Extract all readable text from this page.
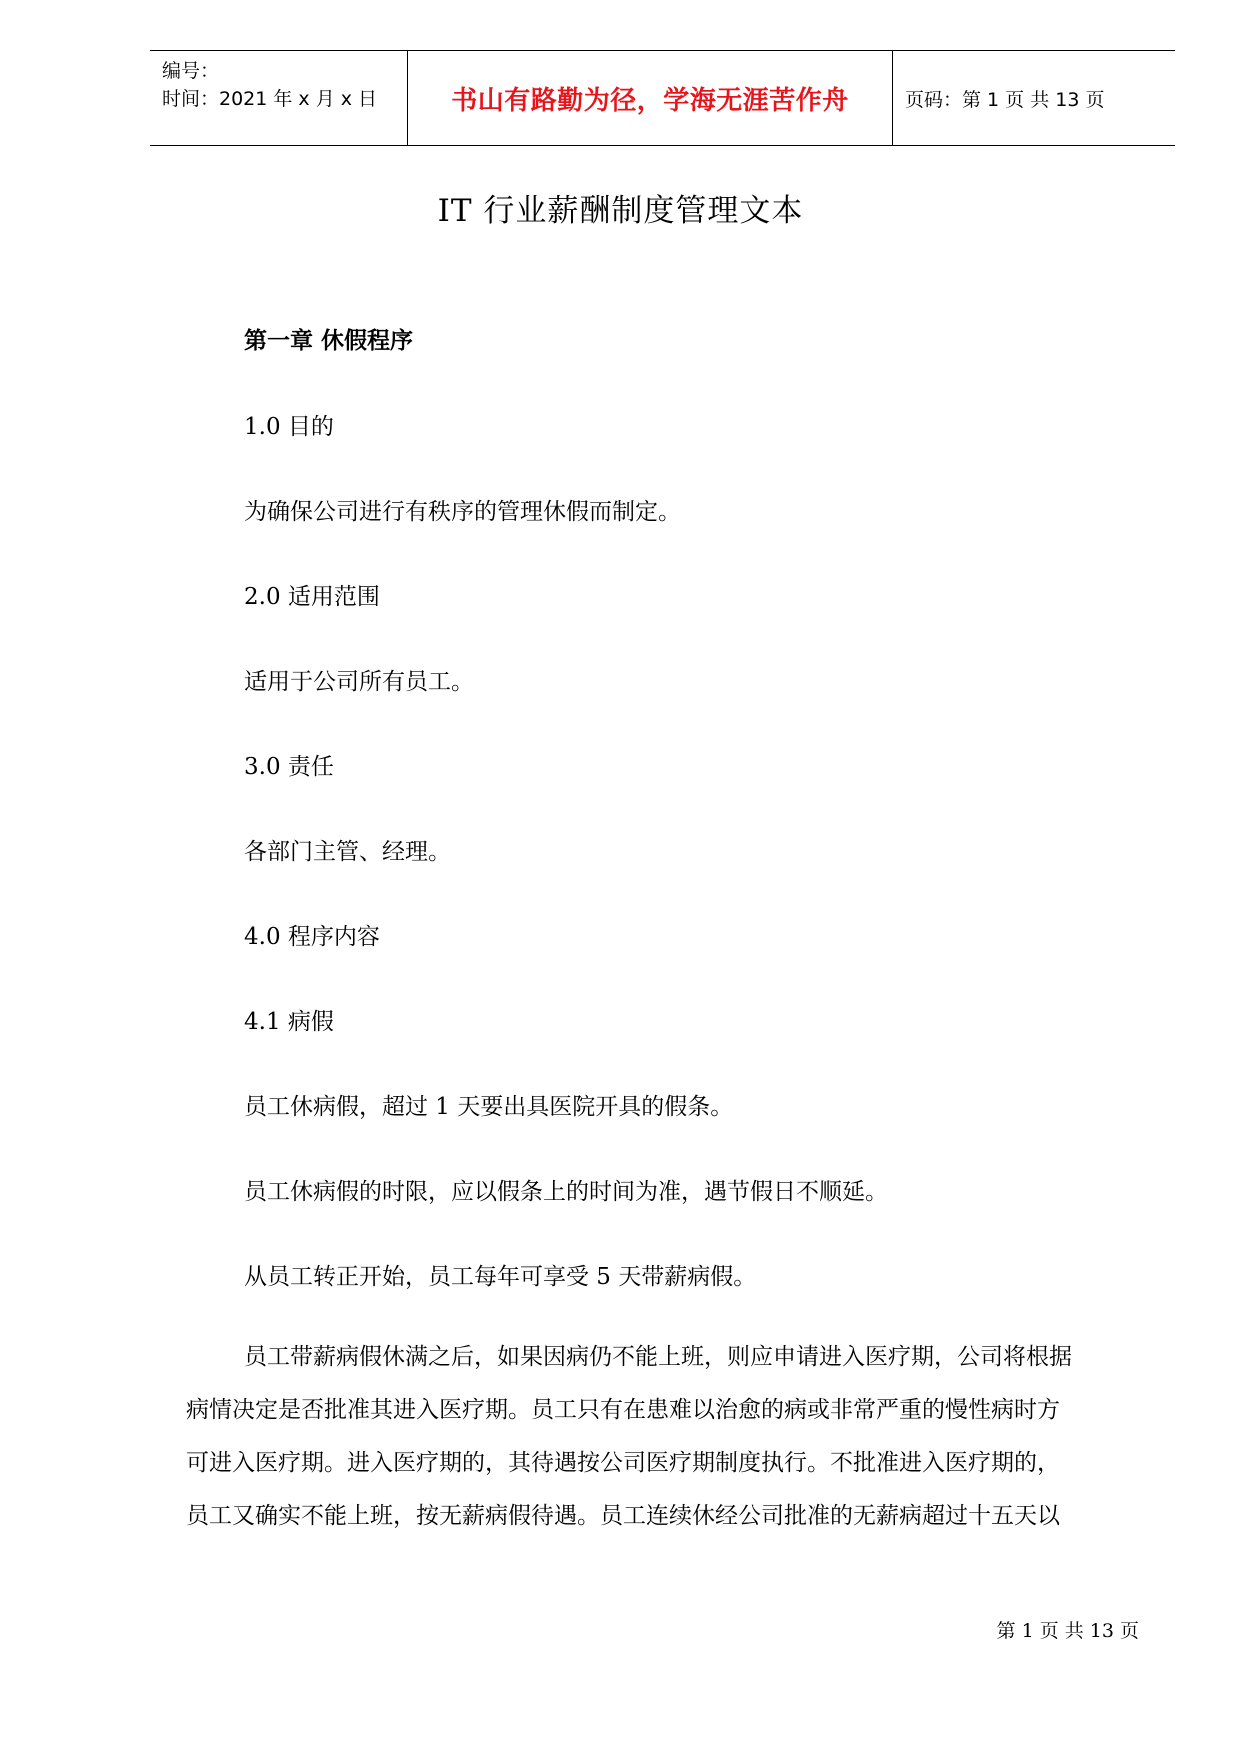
编号：
时间：2021 年 x 月 x 日	书山有路勤为径，学海无涯苦作舟	页码：第 1 页 共 13 页
IT 行业薪酬制度管理文本
第一章 休假程序
1.0 目的
为确保公司进行有秩序的管理休假而制定。
2.0 适用范围
适用于公司所有员工。
3.0 责任
各部门主管、经理。
4.0 程序内容
4.1 病假
员工休病假，超过 1 天要出具医院开具的假条。
员工休病假的时限，应以假条上的时间为准，遇节假日不顺延。
从员工转正开始，员工每年可享受 5 天带薪病假。
员工带薪病假休满之后，如果因病仍不能上班，则应申请进入医疗期，公司将根据
病情决定是否批准其进入医疗期。员工只有在患难以治愈的病或非常严重的慢性病时方
可进入医疗期。进入医疗期的，其待遇按公司医疗期制度执行。不批准进入医疗期的，
员工又确实不能上班，按无薪病假待遇。员工连续休经公司批准的无薪病超过十五天以
第 1 页 共 13 页
